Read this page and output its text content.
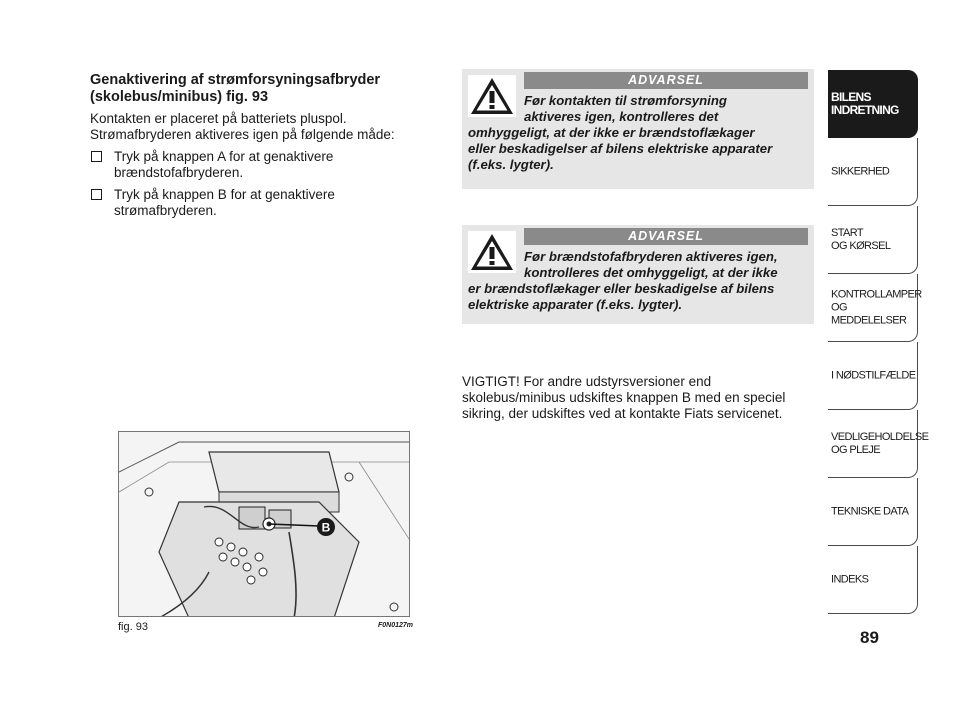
Genaktivering af strømforsyningsafbryder
(skolebus/minibus) fig. 93
Kontakten er placeret på batteriets pluspol.
Strømafbryderen aktiveres igen på følgende måde:
Tryk på knappen A for at genaktivere
brændstofafbryderen.
Tryk på knappen B for at genaktivere
strømafbryderen.
ADVARSEL
Før kontakten til strømforsyning
aktiveres igen, kontrolleres det
omhyggeligt, at der ikke er brændstoflækager
eller beskadigelser af bilens elektriske apparater
(f.eks. lygter).
ADVARSEL
Før brændstofafbryderen aktiveres igen,
kontrolleres det omhyggeligt, at der ikke
er brændstoflækager eller beskadigelse af bilens
elektriske apparater (f.eks. lygter).
VIGTIGT! For andre udstyrsversioner end
skolebus/minibus udskiftes knappen B med en speciel
sikring, der udskiftes ved at kontakte Fiats servicenet.
B
fig. 93	F0N0127m
BILENS
INDRETNING
SIKKERHED
START
OG KØRSEL
KONTROLLAMPER
OG MEDDELELSER
I NØDSTILFÆLDE
VEDLIGEHOLDELSE
OG PLEJE
TEKNISKE DATA
INDEKS
89
